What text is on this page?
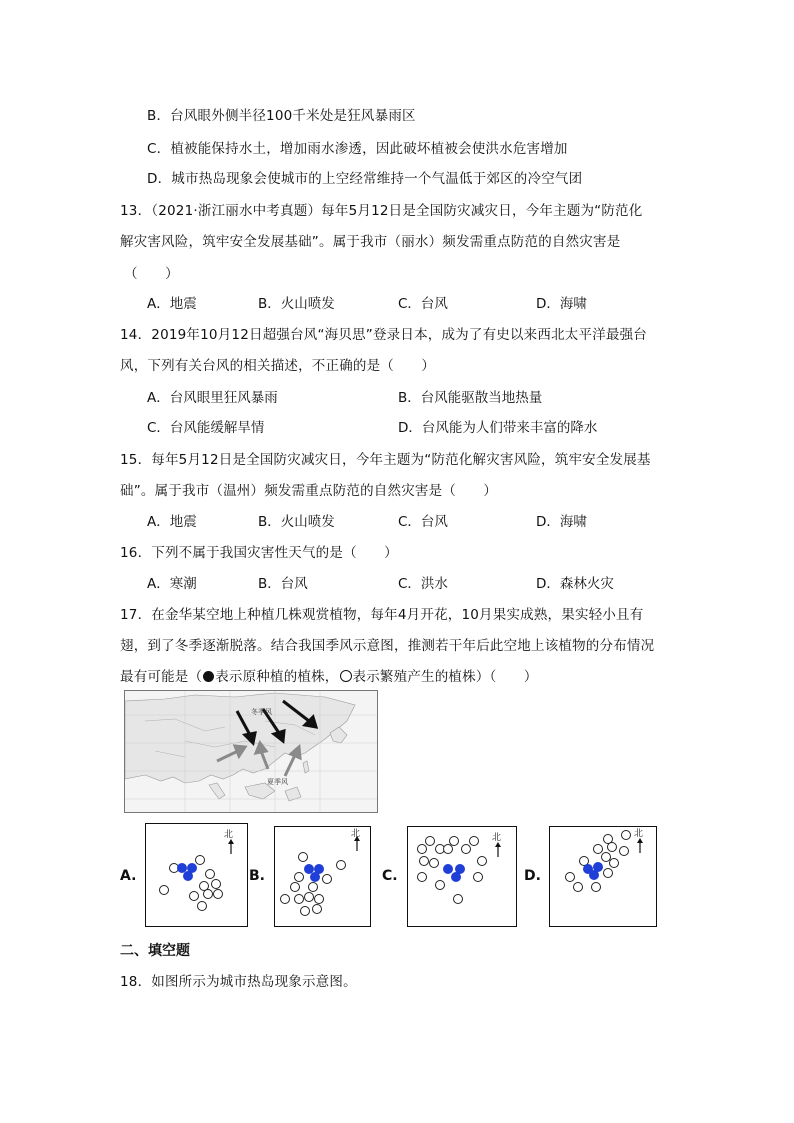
B．台风眼外侧半径100千米处是狂风暴雨区
C．植被能保持水土，增加雨水渗透，因此破坏植被会使洪水危害增加
D．城市热岛现象会使城市的上空经常维持一个气温低于郊区的冷空气团
13．（2021·浙江丽水中考真题）每年5月12日是全国防灾减灾日，今年主题为“防范化
解灾害风险，筑牢安全发展基础”。属于我市（丽水）频发需重点防范的自然灾害是
（　　）
A．地震	B．火山喷发	C．台风	D．海啸
14．2019年10月12日超强台风“海贝思”登录日本，成为了有史以来西北太平洋最强台
风，下列有关台风的相关描述，不正确的是（　　）
A．台风眼里狂风暴雨	B．台风能驱散当地热量
C．台风能缓解旱情	D．台风能为人们带来丰富的降水
15．每年5月12日是全国防灾减灾日，今年主题为“防范化解灾害风险，筑牢安全发展基
础”。属于我市（温州）频发需重点防范的自然灾害是（　　）
A．地震	B．火山喷发	C．台风	D．海啸
16．下列不属于我国灾害性天气的是（　　）
A．寒潮	B．台风	C．洪水	D．森林火灾
17．在金华某空地上种植几株观赏植物，每年4月开花，10月果实成熟，果实轻小且有
翅，到了冬季逐渐脱落。结合我国季风示意图，推测若干年后此空地上该植物的分布情况
最有可能是（ 表示原种植的植株， 表示繁殖产生的植株）（　　）
冬季风
夏季风
A.
北
B.
北
C.
北
D.
北
二、填空题
18．如图所示为城市热岛现象示意图。
